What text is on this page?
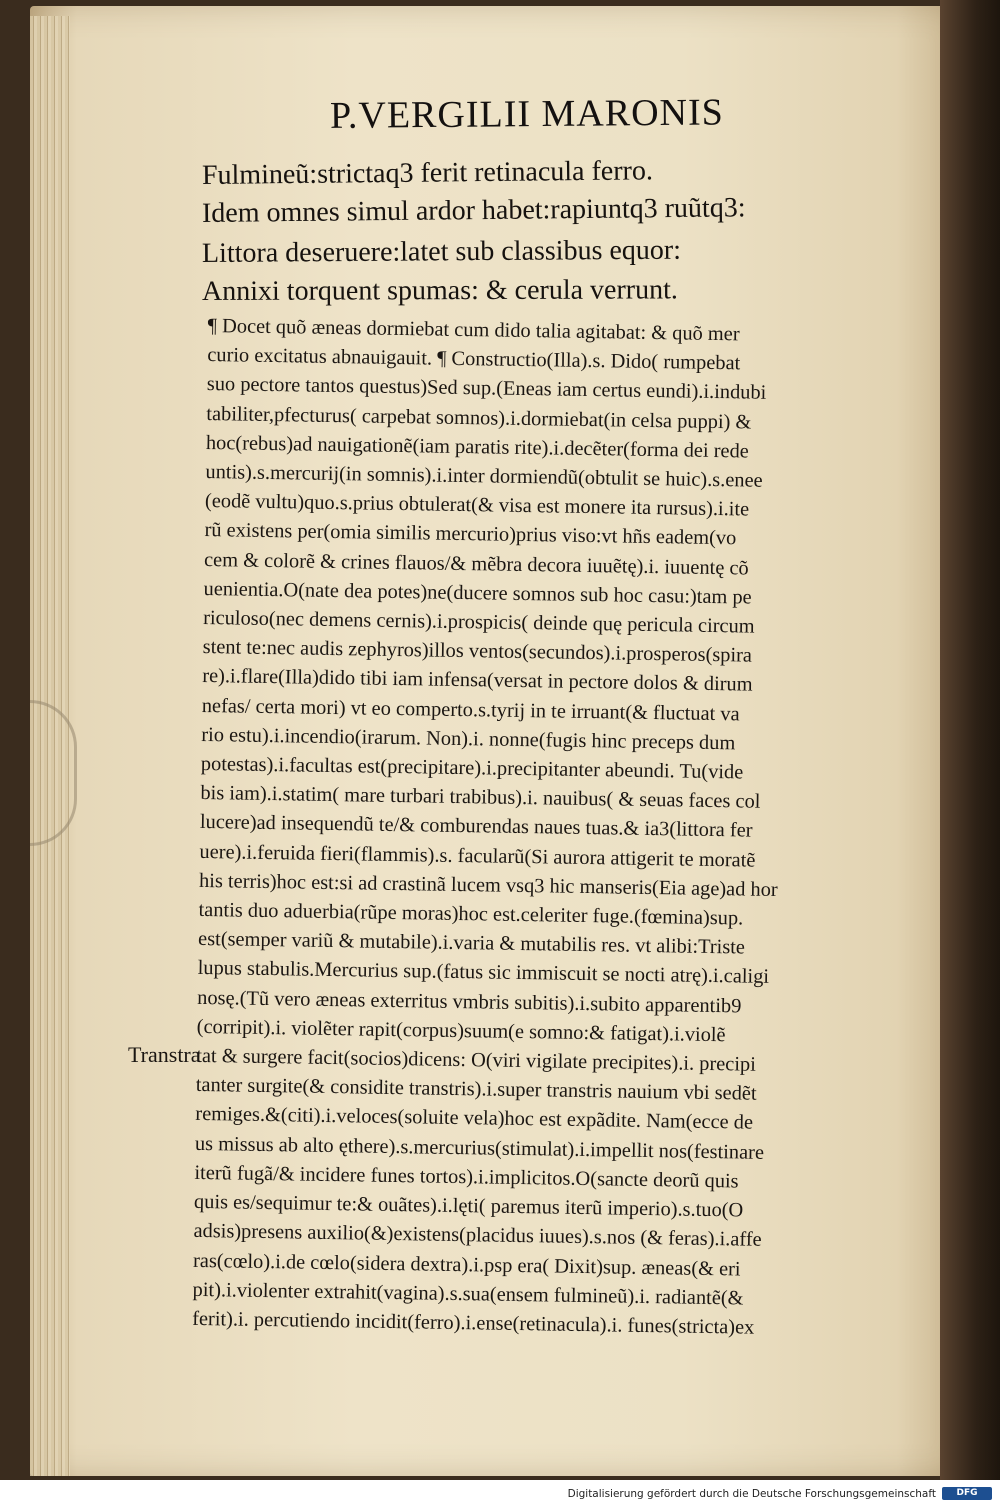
P.VERGILII MARONIS
Fulmineũ:strictaq3 ferit retinacula ferro.
Idem omnes simul ardor habet:rapiuntq3 ruũtq3:
Littora deseruere:latet sub classibus equor:
Annixi torquent spumas: & cerula verrunt.
¶ Docet quõ æneas dormiebat cum dido talia agitabat: & quõ mer
curio excitatus abnauigauit. ¶ Constructio(Illa).s. Dido( rumpebat
suo pectore tantos questus)Sed sup.(Eneas iam certus eundi).i.indubi
tabiliter,pfecturus( carpebat somnos).i.dormiebat(in celsa puppi) &
hoc(rebus)ad nauigationẽ(iam paratis rite).i.decẽter(forma dei rede
untis).s.mercurij(in somnis).i.inter dormiendũ(obtulit se huic).s.enee
(eodẽ vultu)quo.s.prius obtulerat(& visa est monere ita rursus).i.ite
rũ existens per(omia similis mercurio)prius viso:vt hñs eadem(vo
cem & colorẽ & crines flauos/& mẽbra decora iuuẽtę).i. iuuentę cõ
uenientia.O(nate dea potes)ne(ducere somnos sub hoc casu:)tam pe
riculoso(nec demens cernis).i.prospicis( deinde quę pericula circum
stent te:nec audis zephyros)illos ventos(secundos).i.prosperos(spira
re).i.flare(Illa)dido tibi iam infensa(versat in pectore dolos & dirum
nefas/ certa mori) vt eo comperto.s.tyrij in te irruant(& fluctuat va
rio estu).i.incendio(irarum. Non).i. nonne(fugis hinc preceps dum
potestas).i.facultas est(precipitare).i.precipitanter abeundi. Tu(vide
bis iam).i.statim( mare turbari trabibus).i. nauibus( & seuas faces col
lucere)ad insequendũ te/& comburendas naues tuas.& ia3(littora fer
uere).i.feruida fieri(flammis).s. facularũ(Si aurora attigerit te moratẽ
his terris)hoc est:si ad crastinã lucem vsq3 hic manseris(Eia age)ad hor
tantis duo aduerbia(rũpe moras)hoc est.celeriter fuge.(fœmina)sup.
est(semper variũ & mutabile).i.varia & mutabilis res. vt alibi:Triste
lupus stabulis.Mercurius sup.(fatus sic immiscuit se nocti atrę).i.caligi
nosę.(Tũ vero æneas exterritus vmbris subitis).i.subito apparentib9
(corripit).i. violẽter rapit(corpus)suum(e somno:& fatigat).i.violẽ
tat & surgere facit(socios)dicens: O(viri vigilate precipites).i. precipi
tanter surgite(& considite transtris).i.super transtris nauium vbi sedẽt
remiges.&(citi).i.veloces(soluite vela)hoc est expãdite. Nam(ecce de
us missus ab alto ęthere).s.mercurius(stimulat).i.impellit nos(festinare
iterũ fugã/& incidere funes tortos).i.implicitos.O(sancte deorũ quis
quis es/sequimur te:& ouãtes).i.lęti( paremus iterũ imperio).s.tuo(O
adsis)presens auxilio(&)existens(placidus iuues).s.nos (& feras).i.affe
ras(cœlo).i.de cœlo(sidera dextra).i.psp era( Dixit)sup. æneas(& eri
pit).i.violenter extrahit(vagina).s.sua(ensem fulmineũ).i. radiantẽ(&
ferit).i. percutiendo incidit(ferro).i.ense(retinacula).i. funes(stricta)ex
Transtra
Digitalisierung gefördert durch die Deutsche Forschungsgemeinschaft	DFG
